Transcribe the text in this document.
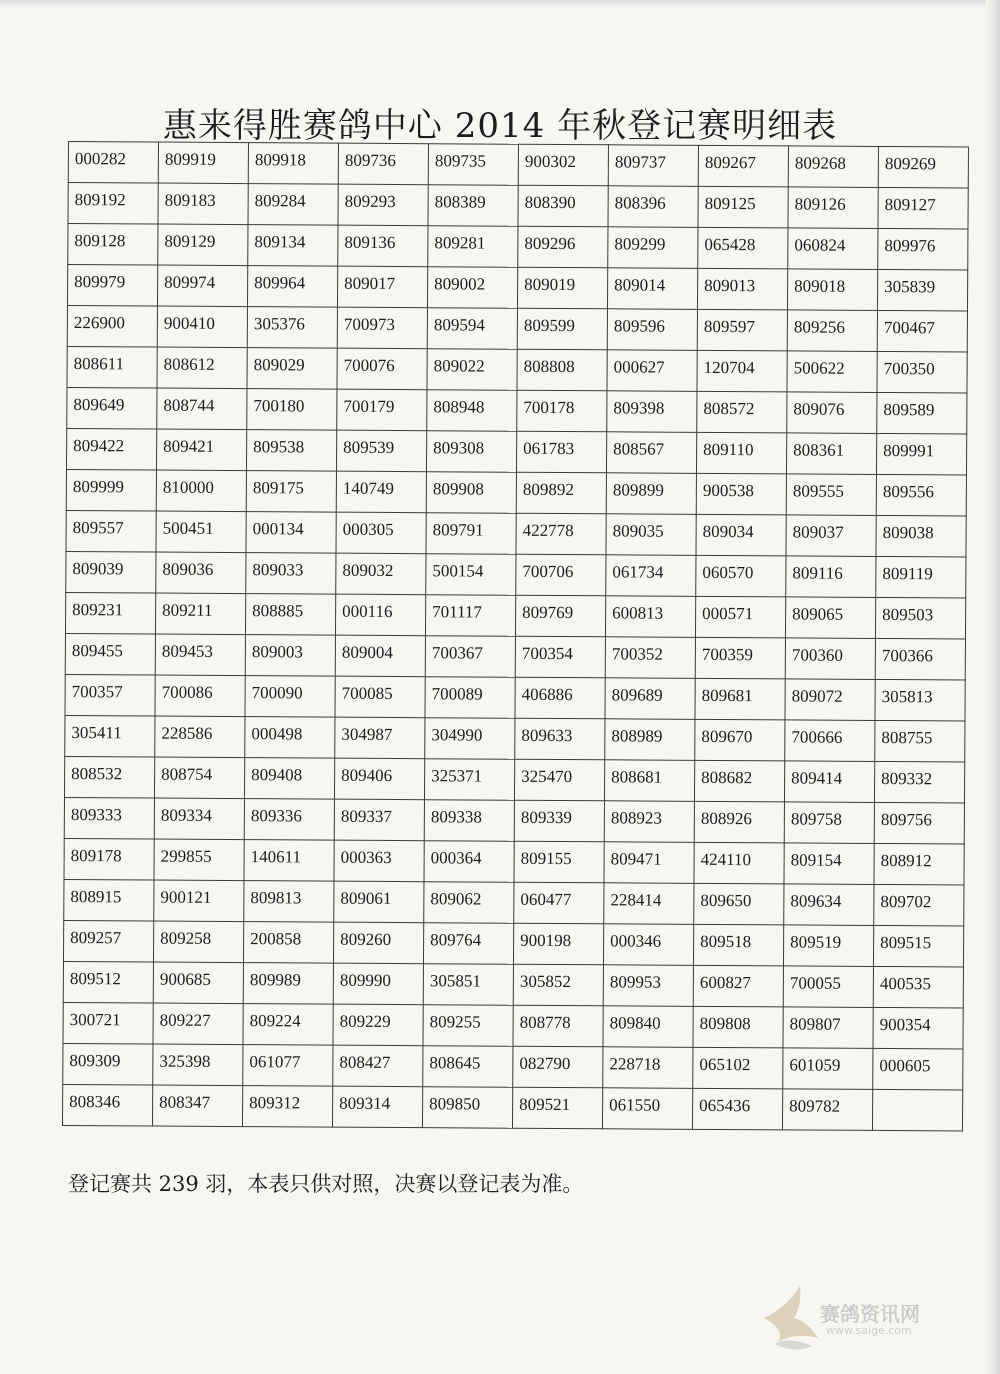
惠来得胜赛鸽中心 2014 年秋登记赛明细表
000282	809919	809918	809736	809735	900302	809737	809267	809268	809269
809192	809183	809284	809293	808389	808390	808396	809125	809126	809127
809128	809129	809134	809136	809281	809296	809299	065428	060824	809976
809979	809974	809964	809017	809002	809019	809014	809013	809018	305839
226900	900410	305376	700973	809594	809599	809596	809597	809256	700467
808611	808612	809029	700076	809022	808808	000627	120704	500622	700350
809649	808744	700180	700179	808948	700178	809398	808572	809076	809589
809422	809421	809538	809539	809308	061783	808567	809110	808361	809991
809999	810000	809175	140749	809908	809892	809899	900538	809555	809556
809557	500451	000134	000305	809791	422778	809035	809034	809037	809038
809039	809036	809033	809032	500154	700706	061734	060570	809116	809119
809231	809211	808885	000116	701117	809769	600813	000571	809065	809503
809455	809453	809003	809004	700367	700354	700352	700359	700360	700366
700357	700086	700090	700085	700089	406886	809689	809681	809072	305813
305411	228586	000498	304987	304990	809633	808989	809670	700666	808755
808532	808754	809408	809406	325371	325470	808681	808682	809414	809332
809333	809334	809336	809337	809338	809339	808923	808926	809758	809756
809178	299855	140611	000363	000364	809155	809471	424110	809154	808912
808915	900121	809813	809061	809062	060477	228414	809650	809634	809702
809257	809258	200858	809260	809764	900198	000346	809518	809519	809515
809512	900685	809989	809990	305851	305852	809953	600827	700055	400535
300721	809227	809224	809229	809255	808778	809840	809808	809807	900354
809309	325398	061077	808427	808645	082790	228718	065102	601059	000605
808346	808347	809312	809314	809850	809521	061550	065436	809782	
登记赛共 239 羽，本表只供对照，决赛以登记表为准。
赛鸽资讯网
www.saige.com
